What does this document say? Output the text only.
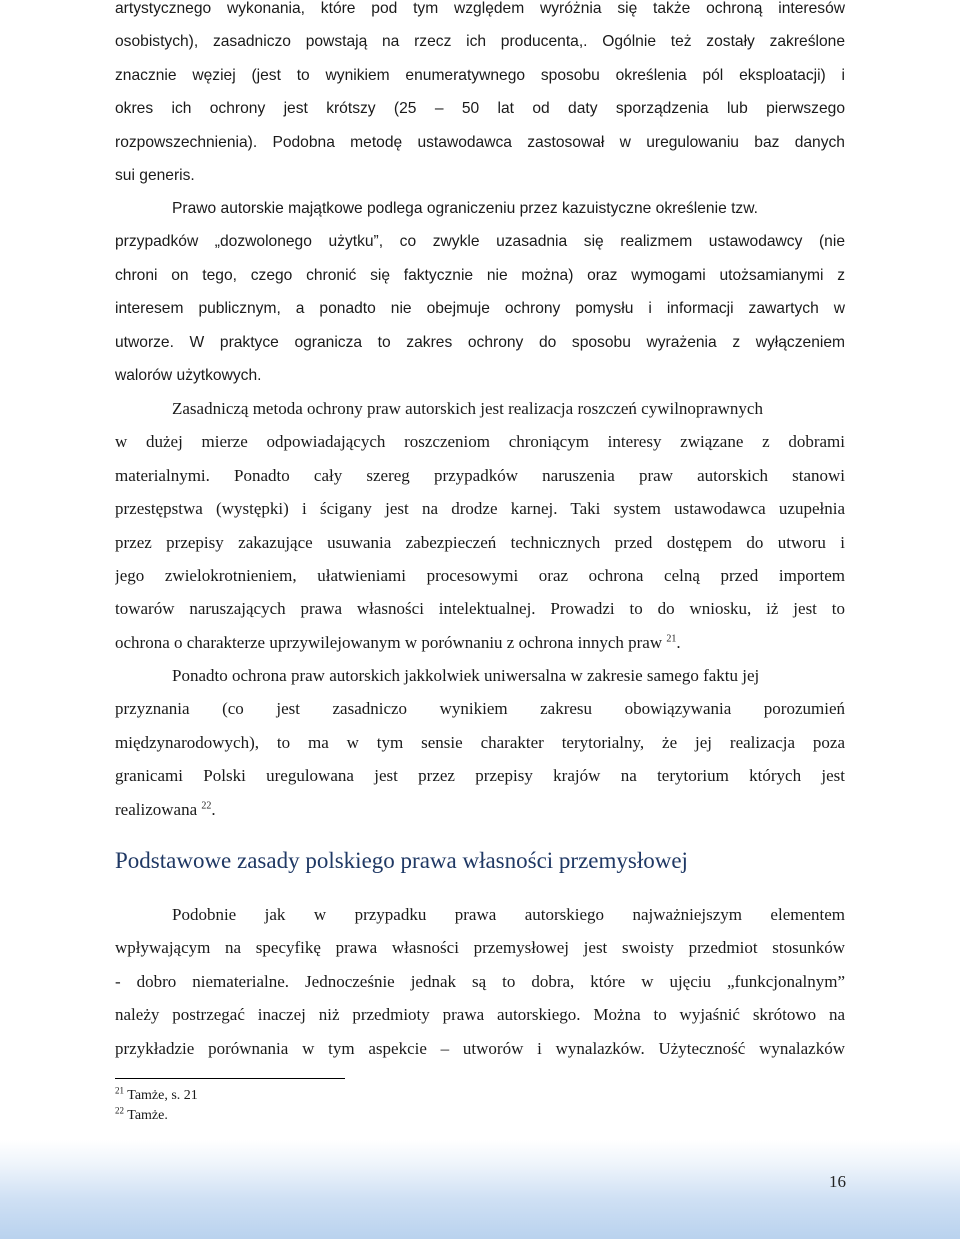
artystycznego wykonania, które pod tym względem wyróżnia się także ochroną interesów
osobistych), zasadniczo powstają na rzecz ich producenta,. Ogólnie też zostały zakreślone
znacznie węziej (jest to wynikiem enumeratywnego sposobu określenia pól eksploatacji) i
okres ich ochrony jest krótszy (25 – 50 lat od daty sporządzenia lub pierwszego
rozpowszechnienia). Podobna metodę ustawodawca zastosował w uregulowaniu baz danych
sui generis.
Prawo autorskie majątkowe podlega ograniczeniu przez kazuistyczne określenie tzw.
przypadków „dozwolonego użytku”, co zwykle uzasadnia się realizmem ustawodawcy (nie
chroni on tego, czego chronić się faktycznie nie można) oraz wymogami utożsamianymi z
interesem publicznym, a ponadto nie obejmuje ochrony pomysłu i informacji zawartych w
utworze. W praktyce ogranicza to zakres ochrony do sposobu wyrażenia z wyłączeniem
walorów użytkowych.
Zasadniczą metoda ochrony praw autorskich jest realizacja roszczeń cywilnoprawnych
w dużej mierze odpowiadających roszczeniom chroniącym interesy związane z dobrami
materialnymi. Ponadto cały szereg przypadków naruszenia praw autorskich stanowi
przestępstwa (występki) i ścigany jest na drodze karnej. Taki system ustawodawca uzupełnia
przez przepisy zakazujące usuwania zabezpieczeń technicznych przed dostępem do utworu i
jego zwielokrotnieniem, ułatwieniami procesowymi oraz ochrona celną przed importem
towarów naruszających prawa własności intelektualnej. Prowadzi to do wniosku, iż jest to
ochrona o charakterze uprzywilejowanym w porównaniu z ochrona innych praw $^{21}$.
Ponadto ochrona praw autorskich jakkolwiek uniwersalna w zakresie samego faktu jej
przyznania (co jest zasadniczo wynikiem zakresu obowiązywania porozumień
międzynarodowych), to ma w tym sensie charakter terytorialny, że jej realizacja poza
granicami Polski uregulowana jest przez przepisy krajów na terytorium których jest
realizowana $^{22}$.
Podobnie jak w przypadku prawa autorskiego najważniejszym elementem
wpływającym na specyfikę prawa własności przemysłowej jest swoisty przedmiot stosunków
- dobro niematerialne. Jednocześnie jednak są to dobra, które w ujęciu „funkcjonalnym”
należy postrzegać inaczej niż przedmioty prawa autorskiego. Można to wyjaśnić skrótowo na
przykładzie porównania w tym aspekcie – utworów i wynalazków. Użyteczność wynalazków
Podstawowe zasady polskiego prawa własności przemysłowej
$^{21}$ Tamże, s. 21
$^{22}$ Tamże.
16
